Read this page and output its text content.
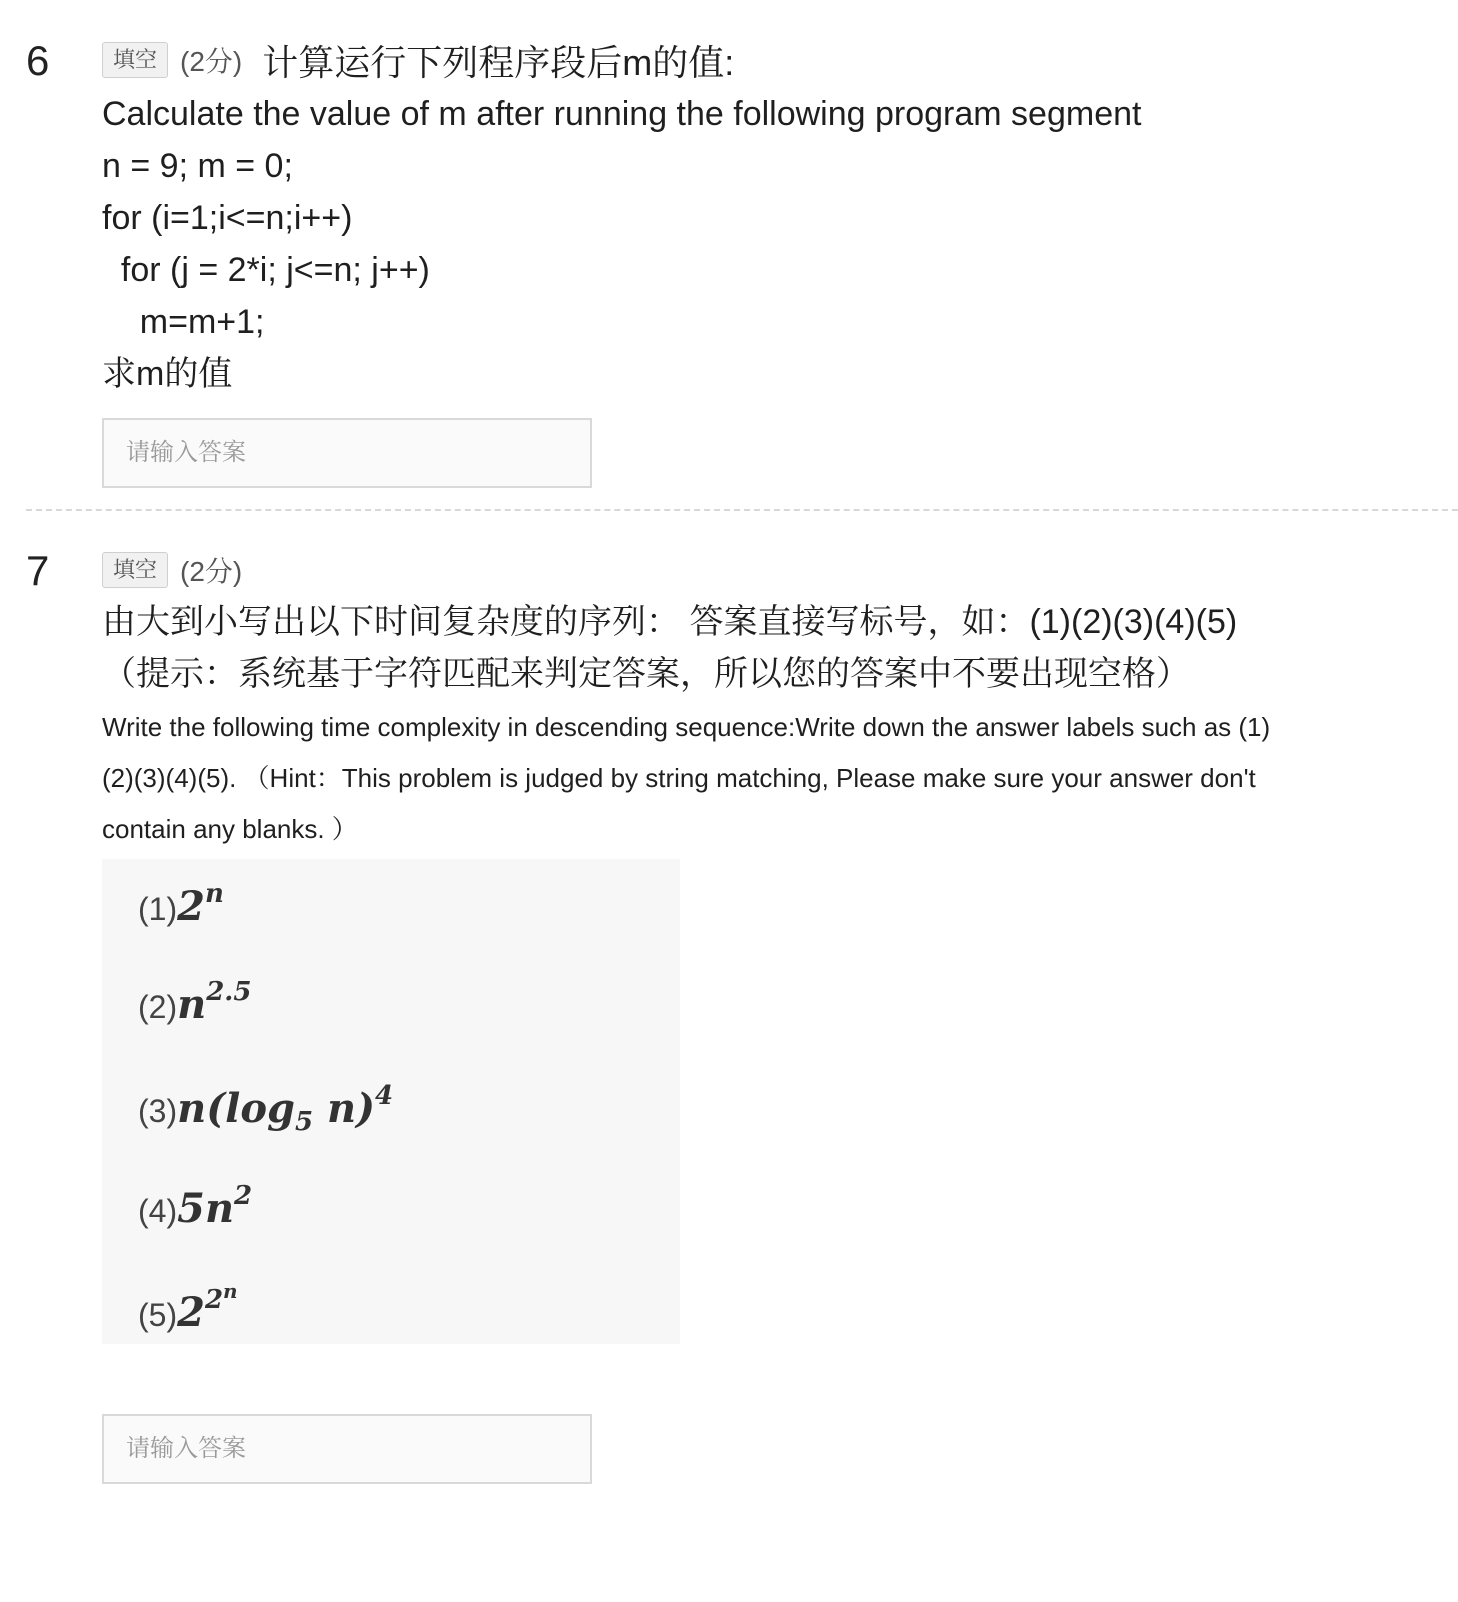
6	填空 (2分) 计算运行下列程序段后m的值:
Calculate the value of m after running the following program segment
n = 9; m = 0;
for (i=1;i<=n;i++)
for (j = 2*i; j<=n; j++)
m=m+1;
求m的值
请输入答案
7	填空 (2分)
由大到小写出以下时间复杂度的序列： 答案直接写标号，如：(1)(2)(3)(4)(5) （提示：系统基于字符匹配来判定答案，所以您的答案中不要出现空格）
Write the following time complexity in descending sequence:Write down the answer labels such as (1)(2)(3)(4)(5). （Hint：This problem is judged by string matching, Please make sure your answer don't contain any blanks. ）
(1)2$^n$
$(2)n^{2.5}$
$(3)n(\log_5$ n)$^4$
$(4)5n^2$
$(5)2^{2^n}$
请输入答案
